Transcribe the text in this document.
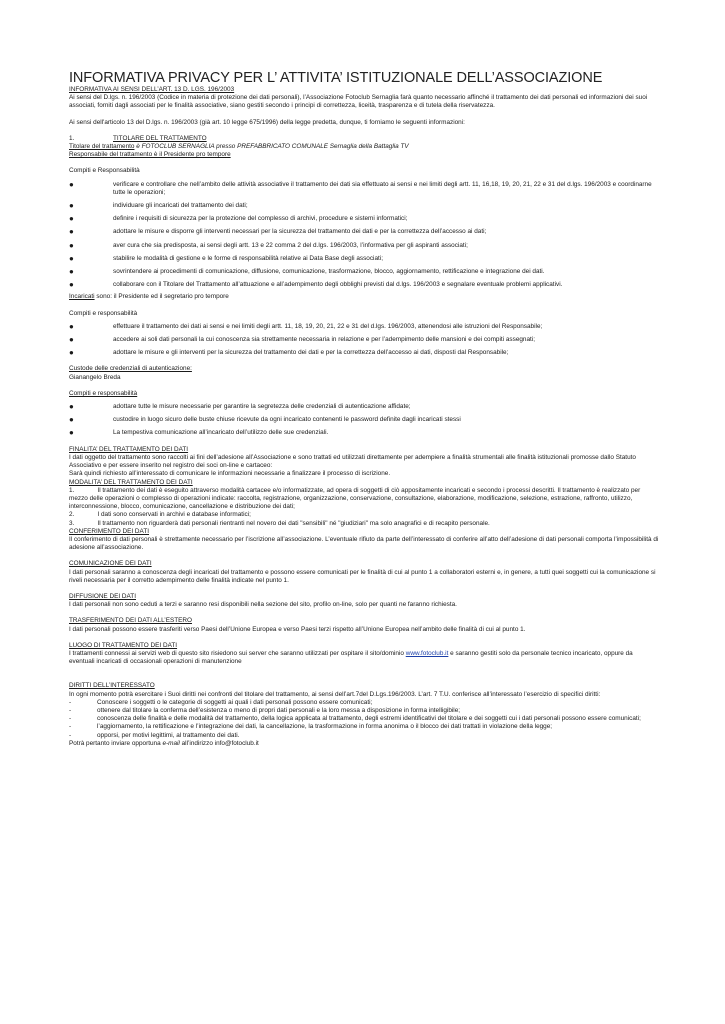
INFORMATIVA PRIVACY PER L’ ATTIVITA’ ISTITUZIONALE DELL’ASSOCIAZIONE

INFORMATIVA AI SENSI DELL’ART. 13 D. LGS. 196/2003

Ai sensi del D.lgs. n. 196/2003 (Codice in materia di protezione dei dati personali), l’Associazione Fotoclub Sernaglia farà quanto necessario affinché il trattamento dei dati personali ed informazioni dei suoi associati, forniti dagli associati per le finalità associative, siano gestiti secondo i principi di correttezza, liceità, trasparenza e di tutela della riservatezza.

Ai sensi dell'articolo 13 del D.lgs. n. 196/2003 (già art. 10 legge 675/1996) della legge predetta, dunque, ti forniamo le seguenti informazioni:

1.	TITOLARE DEL TRATTAMENTO

Titolare del trattamento è FOTOCLUB SERNAGLIA presso PREFABBRICATO COMUNALE Sernaglia della Battaglia TV

Responsabile del trattamento è il Presidente pro tempore

Compiti e Responsabilità

●	verificare e controllare che nell’ambito delle attività associative il trattamento dei dati sia effettuato ai sensi e nei limiti degli artt. 11, 16,18, 19, 20, 21, 22 e 31 del d.lgs. 196/2003 e coordinarne tutte le operazioni;
●	individuare gli incaricati del trattamento dei dati;
●	definire i requisiti di sicurezza per la protezione del complesso di archivi, procedure e sistemi informatici;
●	adottare le misure e disporre gli interventi necessari per la sicurezza del trattamento dei dati e per la correttezza dell’accesso ai dati;
●	aver cura che sia predisposta, ai sensi degli artt. 13 e 22 comma 2 del d.lgs. 196/2003, l’informativa per gli aspiranti associati;
●	stabilire le modalità di gestione e le forme di responsabilità relative ai Data Base degli associati;
●	sovrintendere ai procedimenti di comunicazione, diffusione, comunicazione, trasformazione, blocco, aggiornamento, rettificazione e integrazione dei dati.
●	collaborare con il Titolare del Trattamento all’attuazione e all’adempimento degli obblighi previsti dal d.lgs. 196/2003 e segnalare eventuale problemi applicativi.

Incaricati sono: il Presidente ed il segretario pro tempore

Compiti e responsabilità

●	effettuare il trattamento dei dati ai sensi e nei limiti degli artt. 11, 18, 19, 20, 21, 22 e 31 del d.lgs. 196/2003, attenendosi alle istruzioni del Responsabile;
●	accedere ai soli dati personali la cui conoscenza sia strettamente necessaria in relazione e per l’adempimento delle mansioni e dei compiti assegnati;
●	adottare le misure e gli interventi per la sicurezza del trattamento dei dati e per la correttezza dell’accesso ai dati, disposti dal Responsabile;

Custode delle credenziali di autenticazione:

Gianangelo Breda

Compiti e responsabilità

●	adottare tutte le misure necessarie per garantire la segretezza delle credenziali di autenticazione affidate;
●	custodire in luogo sicuro delle buste chiuse ricevute da ogni incaricato contenenti le password definite dagli incaricati stessi
●	La tempestiva comunicazione all’incaricato dell’utilizzo delle sue credenziali.

FINALITA’ DEL TRATTAMENTO DEI DATI

I dati oggetto del trattamento sono raccolti ai fini dell’adesione all’Associazione e sono trattati ed utilizzati direttamente per adempiere a finalità strumentali alle finalità istituzionali promosse dallo Statuto Associativo e per essere inserito nel registro dei soci on-line e cartaceo:

Sarà quindi richiesto all’interessato di comunicare le informazioni necessarie a finalizzare il processo di iscrizione.

MODALITA’ DEL TRATTAMENTO DEI DATI

1.	Il trattamento dei dati è eseguito attraverso modalità cartacee e/o informatizzate, ad opera di soggetti di ciò appositamente incaricati e secondo i processi descritti. Il trattamento è realizzato per mezzo delle operazioni o complesso di operazioni indicate: raccolta, registrazione, organizzazione, conservazione, consultazione, elaborazione, modificazione, selezione, estrazione, raffronto, utilizzo, interconnessione, blocco, comunicazione, cancellazione e distribuzione dei dati;

2.	I dati sono conservati in archivi e database informatici;

3.	Il trattamento non riguarderà dati personali rientranti nel novero dei dati "sensibili" né "giudiziari" ma solo anagrafici e di recapito personale.

CONFERIMENTO DEI DATI

Il conferimento di dati personali è strettamente necessario per l’iscrizione all’associazione. L’eventuale rifiuto da parte dell’interessato di conferire all’atto dell’adesione di dati personali comporta l’impossibilità di adesione all’associazione.

COMUNICAZIONE DEI DATI

I dati personali saranno a conoscenza degli incaricati del trattamento e possono essere comunicati per le finalità di cui al punto 1 a collaboratori esterni e, in genere, a tutti quei soggetti cui la comunicazione si riveli necessaria per il corretto adempimento delle finalità indicate nel punto 1.

DIFFUSIONE DEI DATI

I dati personali non sono ceduti a terzi e saranno resi disponibili nella sezione del sito, profilo on-line, solo per quanti ne faranno richiesta.

TRASFERIMENTO DEI DATI ALL’ESTERO

I dati personali possono essere trasferiti verso Paesi dell’Unione Europea e verso Paesi terzi rispetto all’Unione Europea nell’ambito delle finalità di cui al punto 1.

LUOGO DI TRATTAMENTO DEI DATI

I trattamenti connessi ai servizi web di questo sito risiedono sui server che saranno utilizzati per ospitare il sito/dominio www.fotoclub.it e saranno gestiti solo da personale tecnico incaricato, oppure da eventuali incaricati di occasionali operazioni di manutenzione

DIRITTI DELL’INTERESSATO

In ogni momento potrà esercitare i Suoi diritti nei confronti del titolare del trattamento, ai sensi dell’art.7del D.Lgs.196/2003. L’art. 7 T.U. conferisce all’interessato l’esercizio di specifici diritti:

-	Conoscere i soggetti o le categorie di soggetti ai quali i dati personali possono essere comunicati;
-	ottenere dal titolare la conferma dell’esistenza o meno di propri dati personali e la loro messa a disposizione in forma intelligibile;
-	conoscenza delle finalità e delle modalità del trattamento, della logica applicata al trattamento, degli estremi identificativi del titolare e dei soggetti cui i dati personali possono essere comunicati;
-	l’aggiornamento, la rettificazione e l’integrazione dei dati, la cancellazione, la trasformazione in forma anonima o il blocco dei dati trattati in violazione della legge;
-	opporsi, per motivi legittimi, al trattamento dei dati.

Potrà pertanto inviare opportuna e-mail all’indirizzo info@fotoclub.it
